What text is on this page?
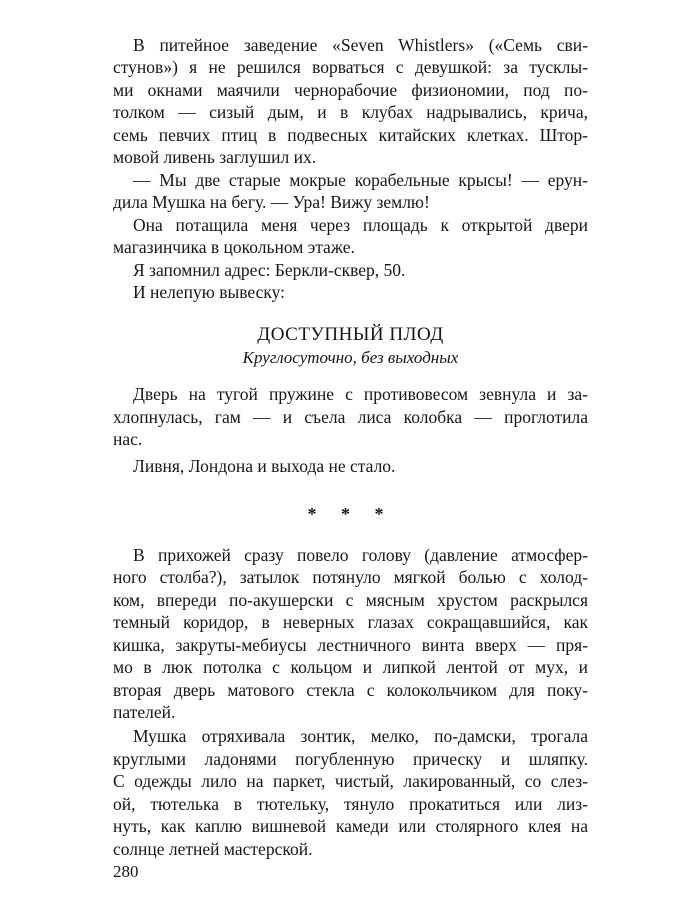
В питейное заведение «Seven Whistlers» («Семь сви-
стунов») я не решился ворваться с девушкой: за тусклы-
ми окнами маячили чернорабочие физиономии, под по-
толком — сизый дым, и в клубах надрывались, крича,
семь певчих птиц в подвесных китайских клетках. Штор-
мовой ливень заглушил их.
— Мы две старые мокрые корабельные крысы! — ерун-
дила Мушка на бегу. — Ура! Вижу землю!
Она потащила меня через площадь к открытой двери
магазинчика в цокольном этаже.
Я запомнил адрес: Беркли-сквер, 50.
И нелепую вывеску:
ДОСТУПНЫЙ ПЛОД
Круглосуточно, без выходных
Дверь на тугой пружине с противовесом зевнула и за-
хлопнулась, гам — и съела лиса колобка — проглотила
нас.
Ливня, Лондона и выхода не стало.
* * *
В прихожей сразу повело голову (давление атмосфер-
ного столба?), затылок потянуло мягкой болью с холод-
ком, впереди по-акушерски с мясным хрустом раскрылся
темный коридор, в неверных глазах сокращавшийся, как
кишка, закруты-мебиусы лестничного винта вверх — пря-
мо в люк потолка с кольцом и липкой лентой от мух, и
вторая дверь матового стекла с колокольчиком для поку-
пателей.
Мушка отряхивала зонтик, мелко, по-дамски, трогала
круглыми ладонями погубленную прическу и шляпку.
С одежды лило на паркет, чистый, лакированный, со слез-
ой, тютелька в тютельку, тянуло прокатиться или лиз-
нуть, как каплю вишневой камеди или столярного клея на
солнце летней мастерской.
280
